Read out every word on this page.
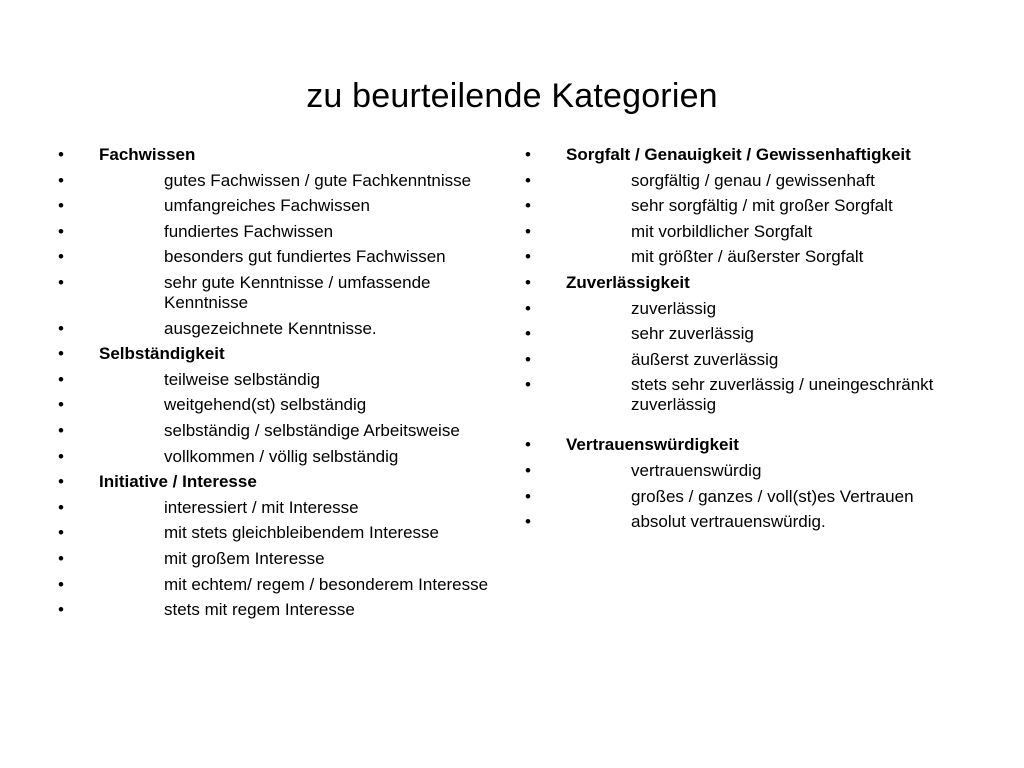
zu beurteilende Kategorien
•	Fachwissen
•	gutes Fachwissen / gute Fachkenntnisse
•	umfangreiches Fachwissen
•	fundiertes Fachwissen
•	besonders gut fundiertes Fachwissen
•	sehr gute Kenntnisse / umfassende Kenntnisse
•	ausgezeichnete Kenntnisse.
•	Selbständigkeit
•	teilweise selbständig
•	weitgehend(st) selbständig
•	selbständig / selbständige Arbeitsweise
•	vollkommen / völlig selbständig
•	Initiative / Interesse
•	interessiert / mit Interesse
•	mit stets gleichbleibendem Interesse
•	mit großem Interesse
•	mit echtem/ regem / besonderem Interesse
•	stets mit regem Interesse
•	Sorgfalt / Genauigkeit / Gewissenhaftigkeit
•	sorgfältig / genau / gewissenhaft
•	sehr sorgfältig / mit großer Sorgfalt
•	mit vorbildlicher Sorgfalt
•	mit größter / äußerster Sorgfalt
•	Zuverlässigkeit
•	zuverlässig
•	sehr zuverlässig
•	äußerst zuverlässig
•	stets sehr zuverlässig / uneingeschränkt zuverlässig
•	Vertrauenswürdigkeit
•	vertrauenswürdig
•	großes / ganzes / voll(st)es Vertrauen
•	absolut vertrauenswürdig.
